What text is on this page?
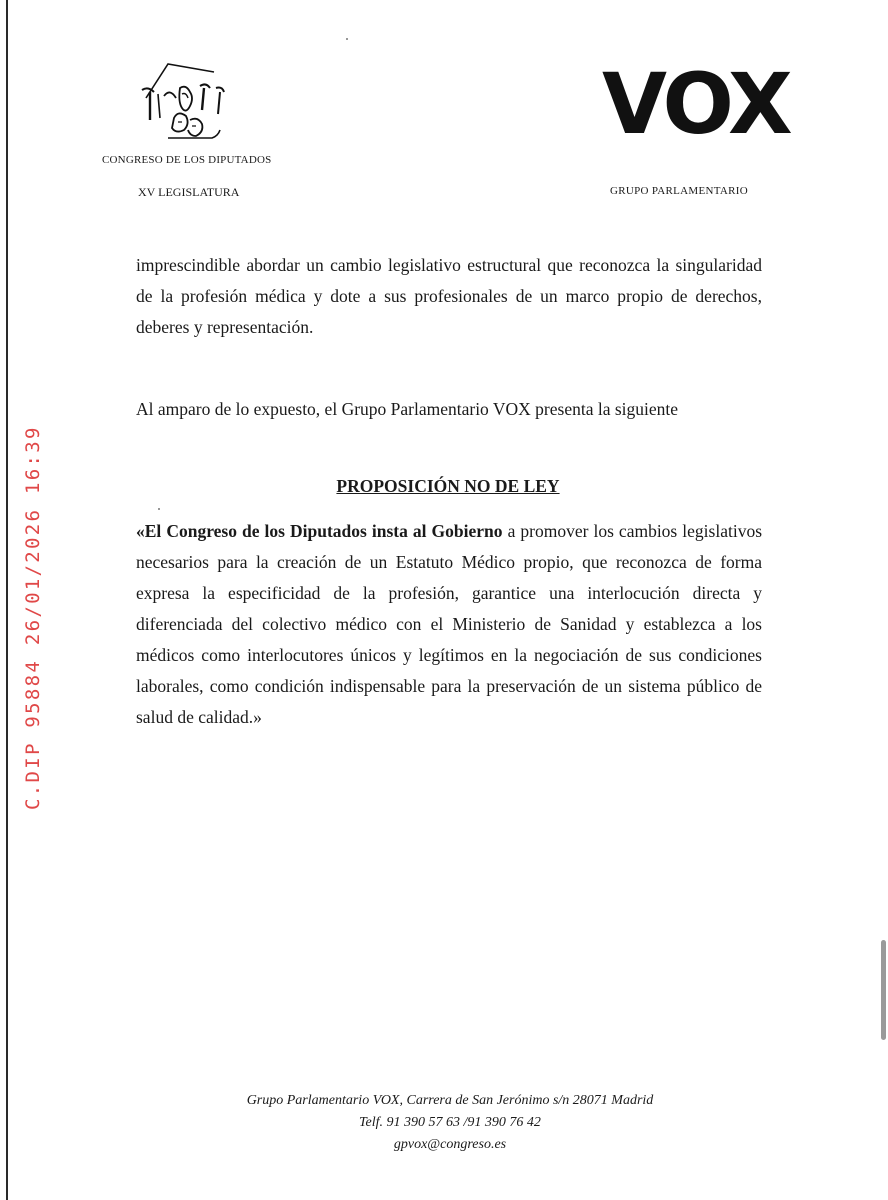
CONGRESO DE LOS DIPUTADOS
XV LEGISLATURA
VOX
GRUPO PARLAMENTARIO
imprescindible abordar un cambio legislativo estructural que reconozca la singularidad de la profesión médica y dote a sus profesionales de un marco propio de derechos, deberes y representación.
Al amparo de lo expuesto, el Grupo Parlamentario VOX presenta la siguiente
PROPOSICIÓN NO DE LEY
«El Congreso de los Diputados insta al Gobierno a promover los cambios legislativos necesarios para la creación de un Estatuto Médico propio, que reconozca de forma expresa la especificidad de la profesión, garantice una interlocución directa y diferenciada del colectivo médico con el Ministerio de Sanidad y establezca a los médicos como interlocutores únicos y legítimos en la negociación de sus condiciones laborales, como condición indispensable para la preservación de un sistema público de salud de calidad.»
C.DIP 95884 26/01/2026 16:39
Grupo Parlamentario VOX, Carrera de San Jerónimo s/n 28071 Madrid
Telf. 91 390 57 63 /91 390 76 42
gpvox@congreso.es
